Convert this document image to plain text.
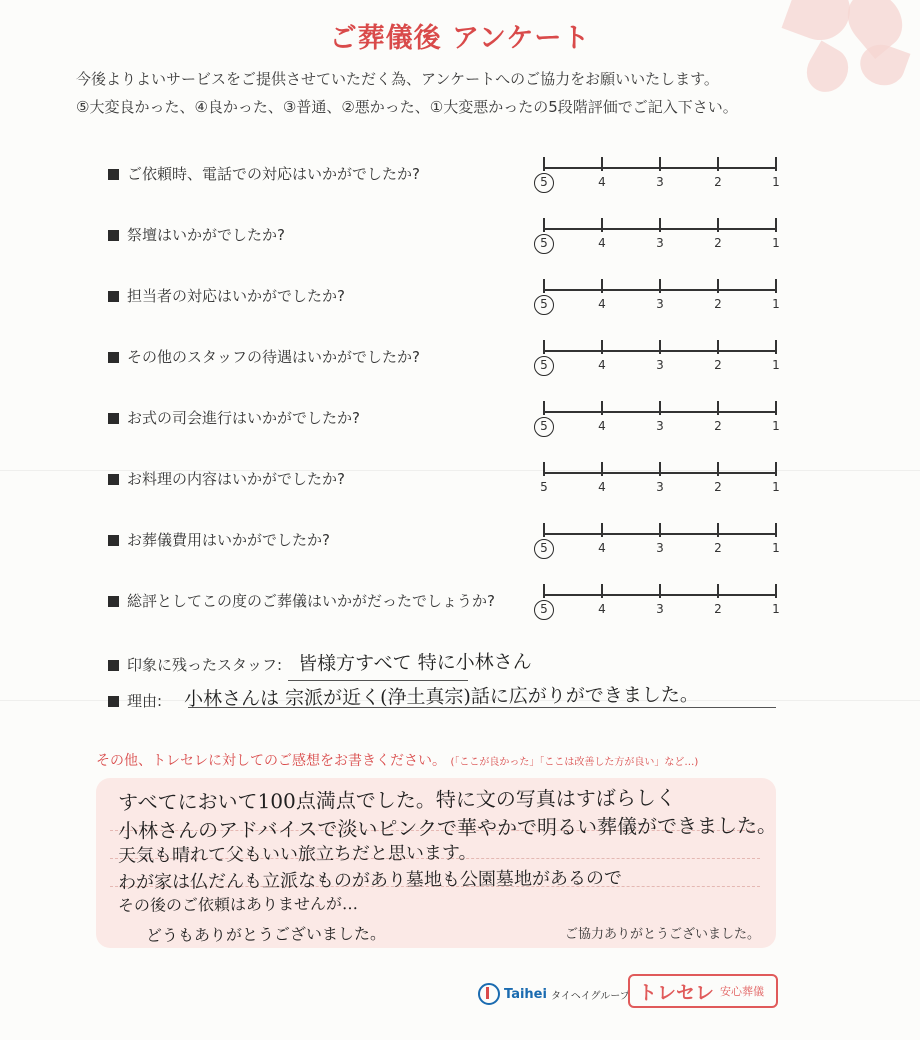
ご葬儀後 アンケート
今後よりよいサービスをご提供させていただく為、アンケートへのご協力をお願いいたします。
⑤大変良かった、④良かった、③普通、②悪かった、①大変悪かったの5段階評価でご記入下さい。
ご依頼時、電話での対応はいかがでしたか?	5	4	3	2	1
祭壇はいかがでしたか?	5	4	3	2	1
担当者の対応はいかがでしたか?	5	4	3	2	1
その他のスタッフの待遇はいかがでしたか?	5	4	3	2	1
お式の司会進行はいかがでしたか?	5	4	3	2	1
お料理の内容はいかがでしたか?	5	4	3	2	1
お葬儀費用はいかがでしたか?	5	4	3	2	1
総評としてこの度のご葬儀はいかがだったでしょうか?	5	4	3	2	1
印象に残ったスタッフ: 皆様方すべて 特に小林さん
理由: 小林さんは 宗派が近く(浄土真宗)話に広がりができました。
その他、トレセレに対してのご感想をお書きください。 (「ここが良かった」「ここは改善した方が良い」など…)
すべてにおいて100点満点でした。特に文の写真はすばらしく
小林さんのアドバイスで淡いピンクで華やかで明るい葬儀ができました。
天気も晴れて父もいい旅立ちだと思います。
わが家は仏だんも立派なものがあり墓地も公園墓地があるので
その後のご依頼はありませんが…
どうもありがとうございました。	ご協力ありがとうございました。
Taihei タイヘイグループ トレセレ 安心葬儀
